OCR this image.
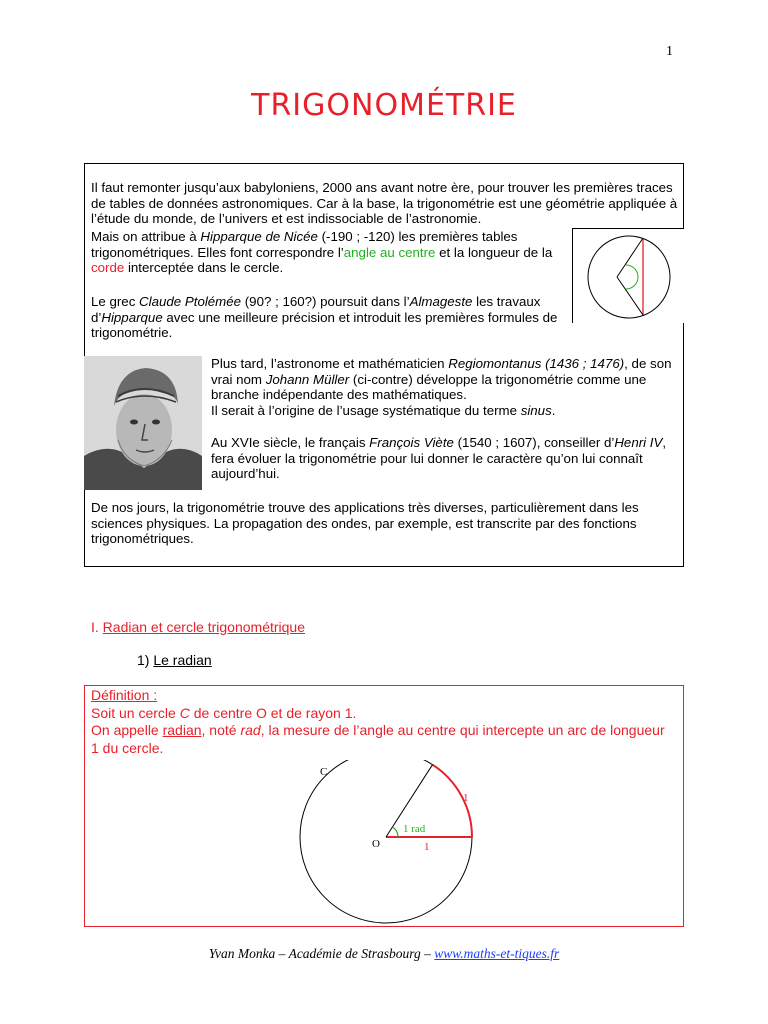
1
TRIGONOMÉTRIE
Il faut remonter jusqu’aux babyloniens, 2000 ans avant notre ère, pour trouver les premières traces de tables de données astronomiques. Car à la base, la trigonométrie est une géométrie appliquée à l’étude du monde, de l’univers et est indissociable de l’astronomie.
Mais on attribue à Hipparque de Nicée (-190 ; -120) les premières tables trigonométriques. Elles font correspondre l’angle au centre et la longueur de la corde interceptée dans le cercle.
Le grec Claude Ptolémée (90? ; 160?) poursuit dans l’Almageste les travaux d’Hipparque avec une meilleure précision et introduit les premières formules de trigonométrie.
Plus tard, l’astronome et mathématicien Regiomontanus (1436 ; 1476), de son vrai nom Johann Müller (ci-contre) développe la trigonométrie comme une branche indépendante des mathématiques.
Il serait à l’origine de l’usage systématique du terme sinus.
Au XVIe siècle, le français François Viète (1540 ; 1607), conseiller d’Henri IV, fera évoluer la trigonométrie pour lui donner le caractère qu’on lui connaît aujourd’hui.
De nos jours, la trigonométrie trouve des applications très diverses, particulièrement dans les sciences physiques. La propagation des ondes, par exemple, est transcrite par des fonctions trigonométriques.
I. Radian et cercle trigonométrique
1) Le radian
Définition :
Soit un cercle C de centre O et de rayon 1.
On appelle radian, noté rad, la mesure de l’angle au centre qui intercepte un arc de longueur 1 du cercle.
C
O
1 rad
1
1
Yvan Monka – Académie de Strasbourg – www.maths-et-tiques.fr
